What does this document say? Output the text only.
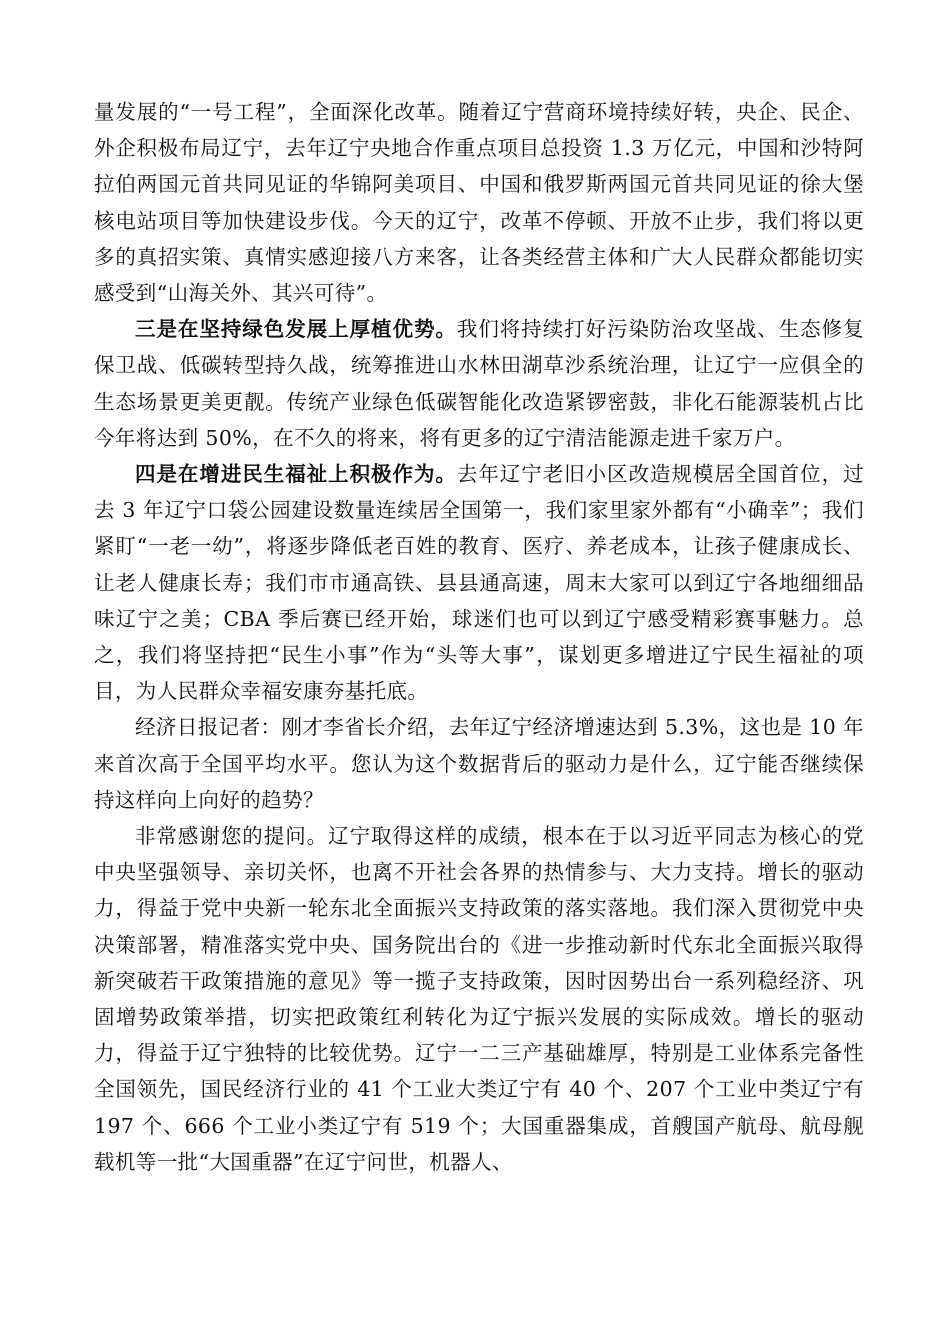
量发展的“一号工程”，全面深化改革。随着辽宁营商环境持续好转，央企、民企、外企积极布局辽宁，去年辽宁央地合作重点项目总投资 1.3 万亿元，中国和沙特阿拉伯两国元首共同见证的华锦阿美项目、中国和俄罗斯两国元首共同见证的徐大堡核电站项目等加快建设步伐。今天的辽宁，改革不停顿、开放不止步，我们将以更多的真招实策、真情实感迎接八方来客，让各类经营主体和广大人民群众都能切实感受到“山海关外、其兴可待”。

三是在坚持绿色发展上厚植优势。我们将持续打好污染防治攻坚战、生态修复保卫战、低碳转型持久战，统筹推进山水林田湖草沙系统治理，让辽宁一应俱全的生态场景更美更靓。传统产业绿色低碳智能化改造紧锣密鼓，非化石能源装机占比今年将达到 50%，在不久的将来，将有更多的辽宁清洁能源走进千家万户。

四是在增进民生福祉上积极作为。去年辽宁老旧小区改造规模居全国首位，过去 3 年辽宁口袋公园建设数量连续居全国第一，我们家里家外都有“小确幸”；我们紧盯“一老一幼”，将逐步降低老百姓的教育、医疗、养老成本，让孩子健康成长、让老人健康长寿；我们市市通高铁、县县通高速，周末大家可以到辽宁各地细细品味辽宁之美；CBA 季后赛已经开始，球迷们也可以到辽宁感受精彩赛事魅力。总之，我们将坚持把“民生小事”作为“头等大事”，谋划更多增进辽宁民生福祉的项目，为人民群众幸福安康夯基托底。

经济日报记者：刚才李省长介绍，去年辽宁经济增速达到 5.3%，这也是 10 年来首次高于全国平均水平。您认为这个数据背后的驱动力是什么，辽宁能否继续保持这样向上向好的趋势？

非常感谢您的提问。辽宁取得这样的成绩，根本在于以习近平同志为核心的党中央坚强领导、亲切关怀，也离不开社会各界的热情参与、大力支持。增长的驱动力，得益于党中央新一轮东北全面振兴支持政策的落实落地。我们深入贯彻党中央决策部署，精准落实党中央、国务院出台的《进一步推动新时代东北全面振兴取得新突破若干政策措施的意见》等一揽子支持政策，因时因势出台一系列稳经济、巩固增势政策举措，切实把政策红利转化为辽宁振兴发展的实际成效。增长的驱动力，得益于辽宁独特的比较优势。辽宁一二三产基础雄厚，特别是工业体系完备性全国领先，国民经济行业的 41 个工业大类辽宁有 40 个、207 个工业中类辽宁有 197 个、666 个工业小类辽宁有 519 个；大国重器集成，首艘国产航母、航母舰载机等一批“大国重器”在辽宁问世，机器人、
